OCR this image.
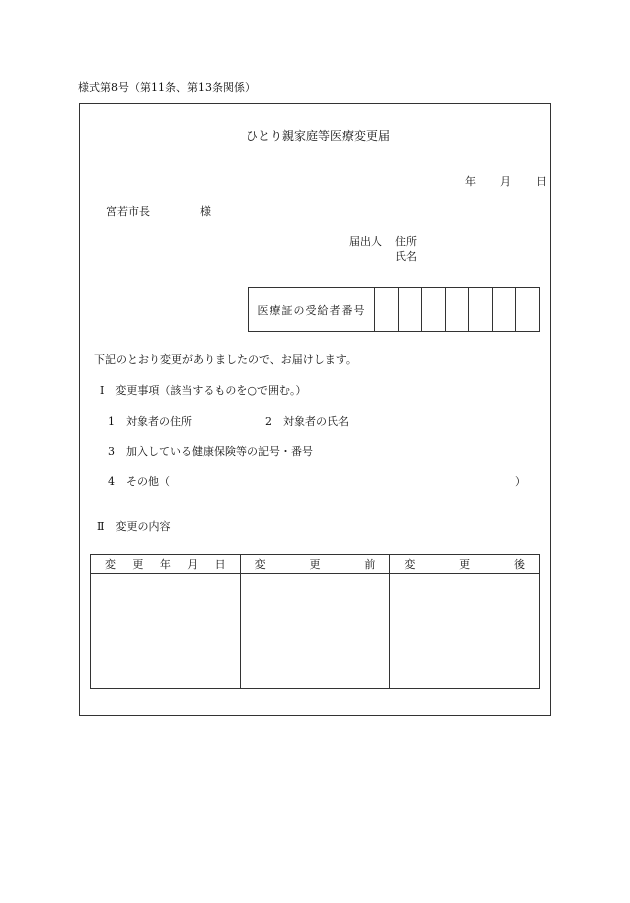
様式第8号（第11条、第13条関係）
ひとり親家庭等医療変更届
年 月 日
宮若市長	様
届出人 住所
氏名
医療証の受給者番号							
下記のとおり変更がありましたので、お届けします。
Ⅰ　変更事項（該当するものを○で囲む。）
1　対象者の住所	2　対象者の氏名
3　加入している健康保険等の記号・番号
4　その他（	）
Ⅱ　変更の内容
変 更 年 月 日	変 更 前	変 更 後
